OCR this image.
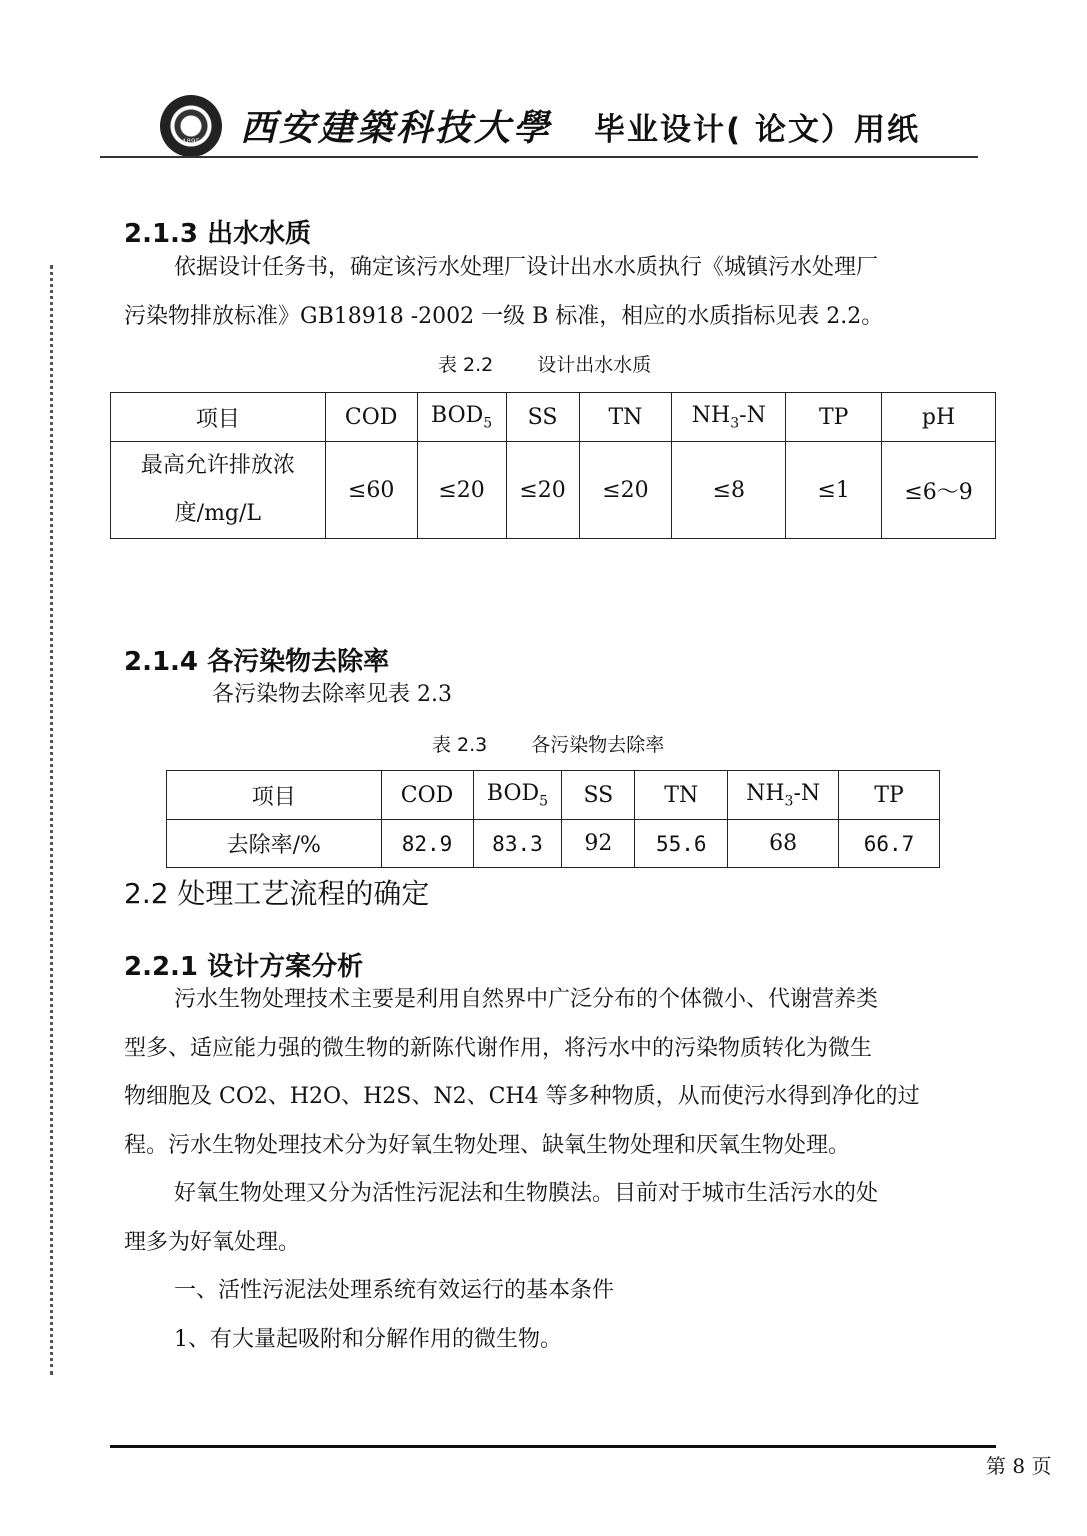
1895	西安建築科技大學 毕业设计( 论文）用纸
2.1.3 出水水质
依据设计任务书，确定该污水处理厂设计出水水质执行《城镇污水处理厂
污染物排放标准》GB18918 -2002 一级 B 标准，相应的水质指标见表 2.2。
表 2.2 设计出水水质
项目	COD	$BOD_5$	SS	TN	$NH_3-N$	TP	pH

最高允许排放浓
度/mg/L	≤60	≤20	≤20	≤20	≤8	≤1	≤6～9
2.1.4 各污染物去除率
各污染物去除率见表 2.3
表 2.3 各污染物去除率
项目	COD	$BOD_5$	SS	TN	$NH_3-N$	TP
去除率/%	82.9	83.3	92	55.6	68	66.7
2.2 处理工艺流程的确定
2.2.1 设计方案分析
污水生物处理技术主要是利用自然界中广泛分布的个体微小、代谢营养类
型多、适应能力强的微生物的新陈代谢作用，将污水中的污染物质转化为微生
物细胞及 CO2、H2O、H2S、N2、CH4 等多种物质，从而使污水得到净化的过
程。污水生物处理技术分为好氧生物处理、缺氧生物处理和厌氧生物处理。
好氧生物处理又分为活性污泥法和生物膜法。目前对于城市生活污水的处
理多为好氧处理。
一、活性污泥法处理系统有效运行的基本条件
1、有大量起吸附和分解作用的微生物。
第 8 页
